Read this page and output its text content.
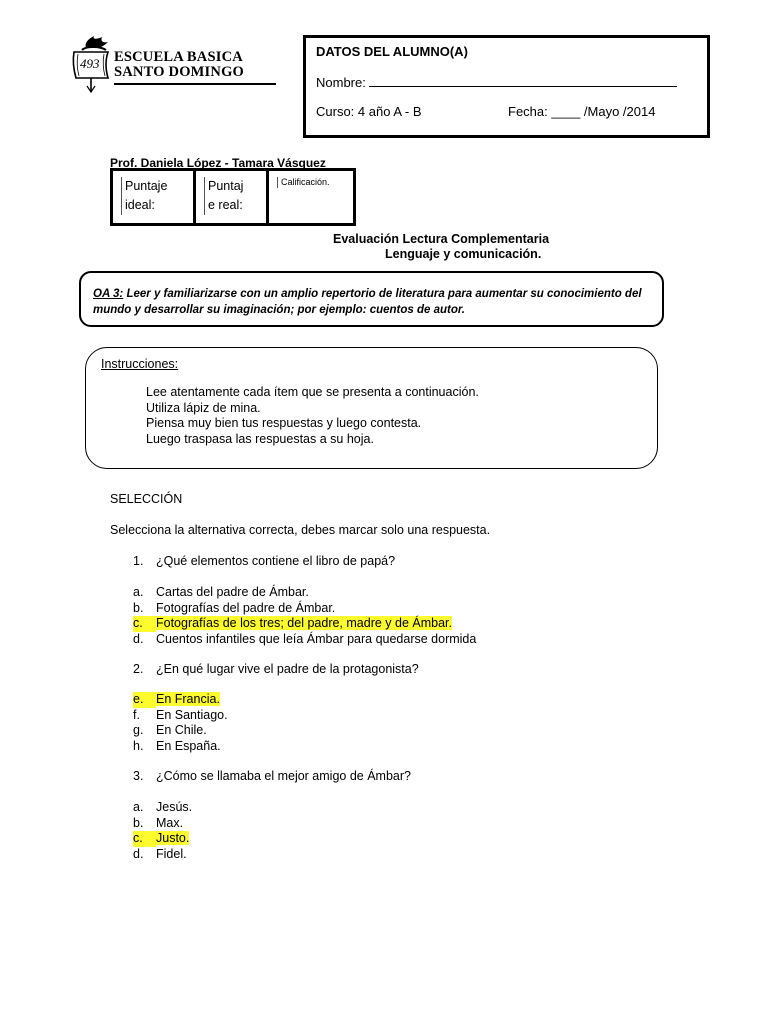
493 ESCUELA BASICA
SANTO DOMINGO
DATOS DEL ALUMNO(A)
Nombre:
Curso: 4 año A - B	Fecha: ____ /Mayo /2014
Prof. Daniela López - Tamara Vásquez
Puntaje
ideal:

Puntaj
e real:

Calificación.
Evaluación Lectura Complementaria
Lenguaje y comunicación.
OA 3: Leer y familiarizarse con un amplio repertorio de literatura para aumentar su conocimiento del mundo y desarrollar su imaginación; por ejemplo: cuentos de autor.
Instrucciones:
Lee atentamente cada ítem que se presenta a continuación.
Utiliza lápiz de mina.
Piensa muy bien tus respuestas y luego contesta.
Luego traspasa las respuestas a su hoja.
SELECCIÓN
Selecciona la alternativa correcta, debes marcar solo una respuesta.
1. ¿Qué elementos contiene el libro de papá?
a. Cartas del padre de Ámbar.
b. Fotografías del padre de Ámbar.
c. Fotografías de los tres; del padre, madre y de Ámbar.
d. Cuentos infantiles que leía Ámbar para quedarse dormida
2. ¿En qué lugar vive el padre de la protagonista?
e. En Francia.
f. En Santiago.
g. En Chile.
h. En España.
3. ¿Cómo se llamaba el mejor amigo de Ámbar?
a. Jesús.
b. Max.
c. Justo.
d. Fidel.
